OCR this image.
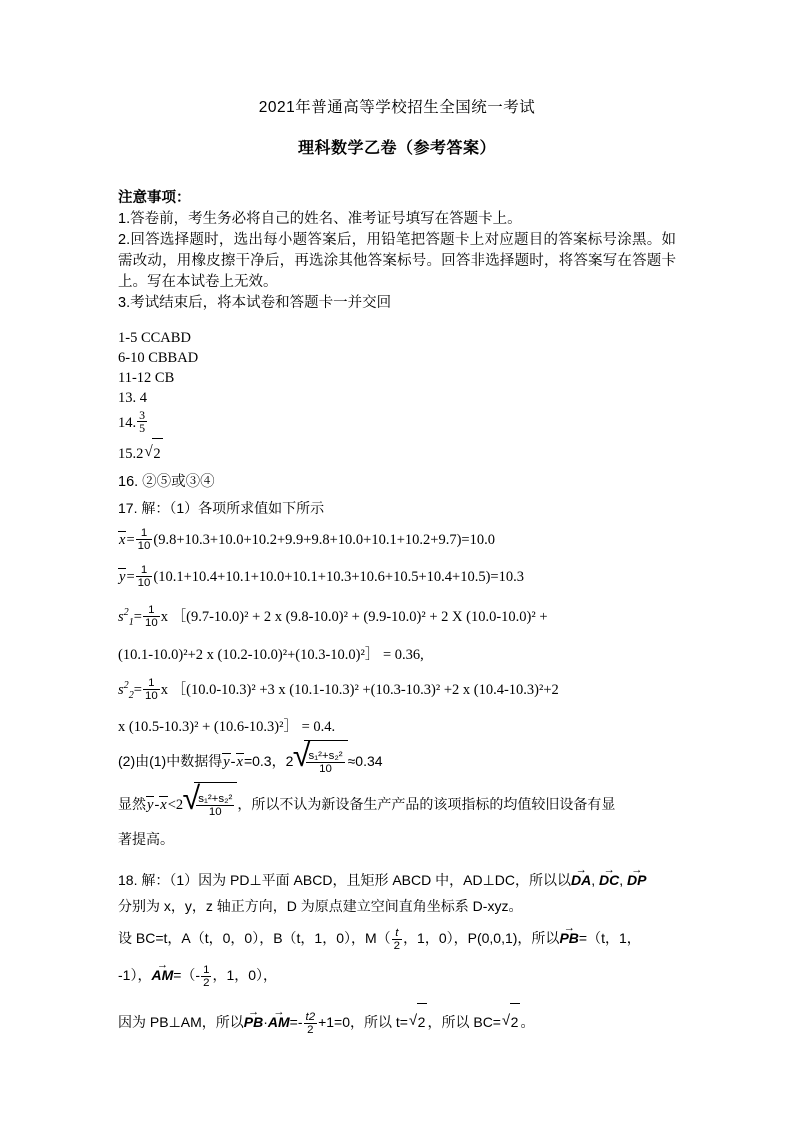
2021年普通高等学校招生全国统一考试
理科数学乙卷（参考答案）
注意事项：
1.答卷前，考生务必将自己的姓名、准考证号填写在答题卡上。
2.回答选择题时，选出每小题答案后，用铅笔把答题卡上对应题目的答案标号涂黑。如需改动，用橡皮擦干净后，再选涂其他答案标号。回答非选择题时，将答案写在答题卡上。写在本试卷上无效。
3.考试结束后，将本试卷和答题卡一并交回
1-5 CCABD
6-10 CBBAD
11-12 CB
13. 4
14. $\frac{3}{5}$
15.2 √ 2
16. ②⑤或③④
17. 解：（1）各项所求值如下所示
$x= \frac{1}{10} (9.8+10.3+10.0+10.2+9.9+9.8+10.0+10.1+10.2+9.7)=10.0$
$y= \frac{1}{10} (10.1+10.4+10.1+10.0+10.1+10.3+10.6+10.5+10.4+10.5)=10.3$
$s^2_1= \frac{1}{10}$ x ［(9.7-10.0)² + 2 x (9.8-10.0)² + (9.9-10.0)² + 2 X (10.0-10.0)² +
(10.1-10.0)²+2 x (10.2-10.0)²+(10.3-10.0)²］ = 0.36,
$s^2_2= \frac{1}{10}$ x ［(10.0-10.3)² +3 x (10.1-10.3)² +(10.3-10.3)² +2 x (10.4-10.3)²+2
x (10.5-10.3)² + (10.6-10.3)²］ = 0.4.
(2)由(1)中数据得y-x=0.3，2 √ $\frac{\text{s₁²+s₂²}}{10} \approx 0.34$
显然y-x<2 √ $\frac{\text{s₁²+s₂²}}{10}$ ，所以不认为新设备生产产品的该项指标的均值较旧设备有显
著提高。
18. 解：（1）因为 PD⊥平面 ABCD，且矩形 ABCD 中，AD⊥DC，所以以→ DA, → DC, → DP
分别为 x，y，z 轴正方向，D 为原点建立空间直角坐标系 D-xyz。
设 BC=t，A（t，0，0），B（t，1，0），$M( \frac{t}{2}$ ，1，0），P(0,0,1)，所以→ PB=（t，1，
-1），→ $AM=(- \frac{1}{2}$ ，1，0），
因为 PB⊥AM，所以→ $PB\cdot\to AM=- \frac{t2}{2} +1=0$，所以 t= √ 2 ，所以 BC= √ 2 。
